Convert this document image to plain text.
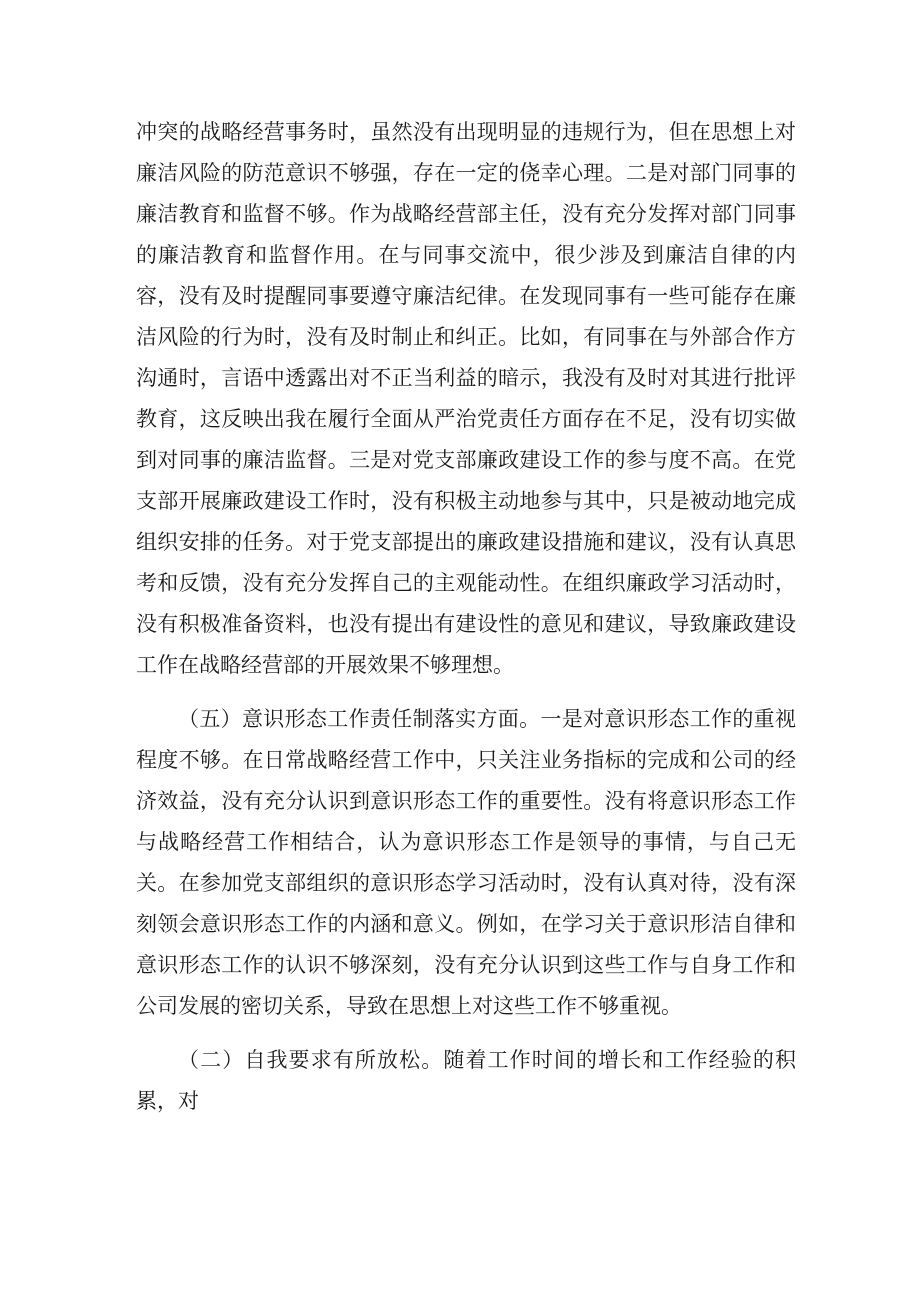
冲突的战略经营事务时，虽然没有出现明显的违规行为，但在思想上对廉洁风险的防范意识不够强，存在一定的侥幸心理。二是对部门同事的廉洁教育和监督不够。作为战略经营部主任，没有充分发挥对部门同事的廉洁教育和监督作用。在与同事交流中，很少涉及到廉洁自律的内容，没有及时提醒同事要遵守廉洁纪律。在发现同事有一些可能存在廉洁风险的行为时，没有及时制止和纠正。比如，有同事在与外部合作方沟通时，言语中透露出对不正当利益的暗示，我没有及时对其进行批评教育，这反映出我在履行全面从严治党责任方面存在不足，没有切实做到对同事的廉洁监督。三是对党支部廉政建设工作的参与度不高。在党支部开展廉政建设工作时，没有积极主动地参与其中，只是被动地完成组织安排的任务。对于党支部提出的廉政建设措施和建议，没有认真思考和反馈，没有充分发挥自己的主观能动性。在组织廉政学习活动时，没有积极准备资料，也没有提出有建设性的意见和建议，导致廉政建设工作在战略经营部的开展效果不够理想。

（五）意识形态工作责任制落实方面。一是对意识形态工作的重视程度不够。在日常战略经营工作中，只关注业务指标的完成和公司的经济效益，没有充分认识到意识形态工作的重要性。没有将意识形态工作与战略经营工作相结合，认为意识形态工作是领导的事情，与自己无关。在参加党支部组织的意识形态学习活动时，没有认真对待，没有深刻领会意识形态工作的内涵和意义。例如，在学习关于意识形洁自律和意识形态工作的认识不够深刻，没有充分认识到这些工作与自身工作和公司发展的密切关系，导致在思想上对这些工作不够重视。

（二）自我要求有所放松。随着工作时间的增长和工作经验的积累，对
